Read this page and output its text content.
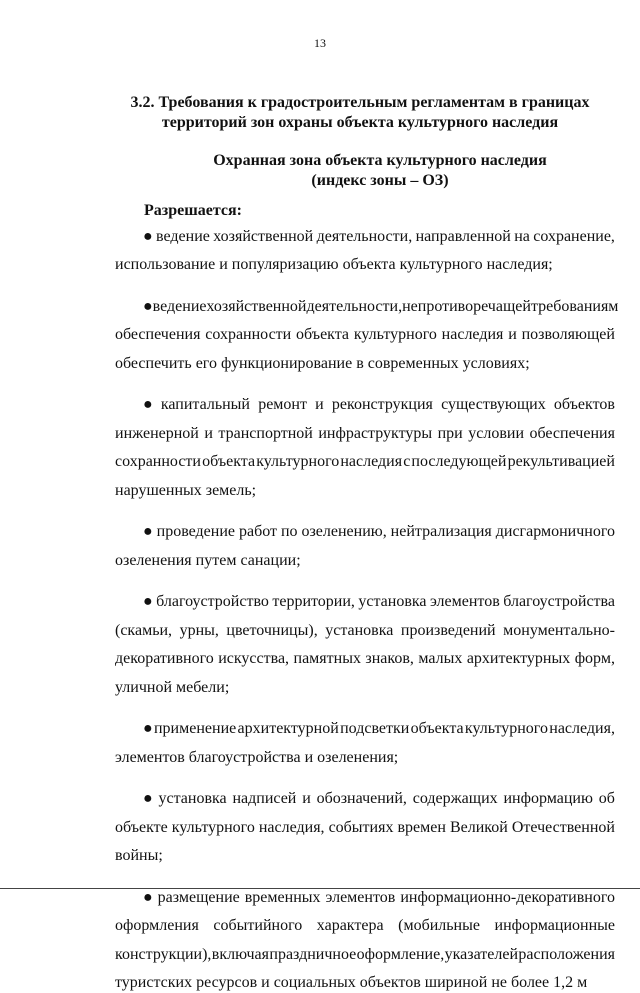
13
3.2. Требования к градостроительным регламентам в границах
территорий зон охраны объекта культурного наследия
Охранная зона объекта культурного наследия
(индекс зоны – ОЗ)
Разрешается:
● ведение хозяйственной деятельности, направленной на сохранение,
использование и популяризацию объекта культурного наследия;
● ведение хозяйственной деятельности, не противоречащей требованиям
обеспечения сохранности объекта культурного наследия и позволяющей
обеспечить его функционирование в современных условиях;
● капитальный ремонт и реконструкция существующих объектов
инженерной и транспортной инфраструктуры при условии обеспечения
сохранности объекта культурного наследия с последующей рекультивацией
нарушенных земель;
● проведение работ по озеленению, нейтрализация дисгармоничного
озеленения путем санации;
● благоустройство территории, установка элементов благоустройства
(скамьи, урны, цветочницы), установка произведений монументально-
декоративного искусства, памятных знаков, малых архитектурных форм,
уличной мебели;
● применение архитектурной подсветки объекта культурного наследия,
элементов благоустройства и озеленения;
● установка надписей и обозначений, содержащих информацию об
объекте культурного наследия, событиях времен Великой Отечественной
войны;
● размещение временных элементов информационно-декоративного
оформления событийного характера (мобильные информационные
конструкции), включая праздничное оформление, указателей расположения
туристских ресурсов и социальных объектов шириной не более 1,2 м
